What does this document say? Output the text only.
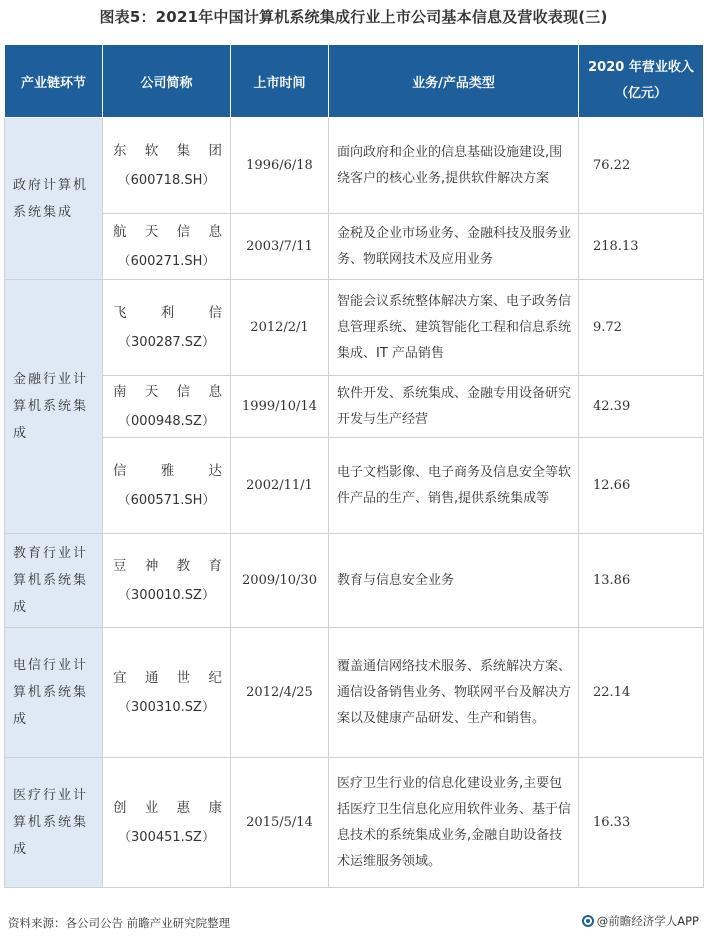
图表5：2021年中国计算机系统集成行业上市公司基本信息及营收表现(三)
产业链环节	公司简称	上市时间	业务/产品类型	2020 年营业收入
（亿元）

政府计算机系统集成	东 软 集 团
（600718.SH）	1996/6/18	面向政府和企业的信息基础设施建设,围绕客户的核心业务,提供软件解决方案	76.22

	航 天 信 息
（600271.SH）	2003/7/11	金税及企业市场业务、金融科技及服务业务、物联网技术及应用业务	218.13
金融行业计算机系统集成	飞 利 信
（300287.SZ）	2012/2/1	智能会议系统整体解决方案、电子政务信息管理系统、建筑智能化工程和信息系统集成、IT 产品销售	9.72

	南 天 信 息
（000948.SZ）	1999/10/14	软件开发、系统集成、金融专用设备研究开发与生产经营	42.39

	信 雅 达
（600571.SH）	2002/11/1	电子文档影像、电子商务及信息安全等软件产品的生产、销售,提供系统集成等	12.66
教育行业计算机系统集成	豆 神 教 育
（300010.SZ）	2009/10/30	教育与信息安全业务	13.86
电信行业计算机系统集成	宜 通 世 纪
（300310.SZ）	2012/4/25	覆盖通信网络技术服务、系统解决方案、通信设备销售业务、物联网平台及解决方案以及健康产品研发、生产和销售。	22.14
医疗行业计算机系统集成	创 业 惠 康
（300451.SZ）	2015/5/14	医疗卫生行业的信息化建设业务,主要包括医疗卫生信息化应用软件业务、基于信息技术的系统集成业务,金融自助设备技术运维服务领域。	16.33
资料来源：各公司公告 前瞻产业研究院整理	@前瞻经济学人APP
